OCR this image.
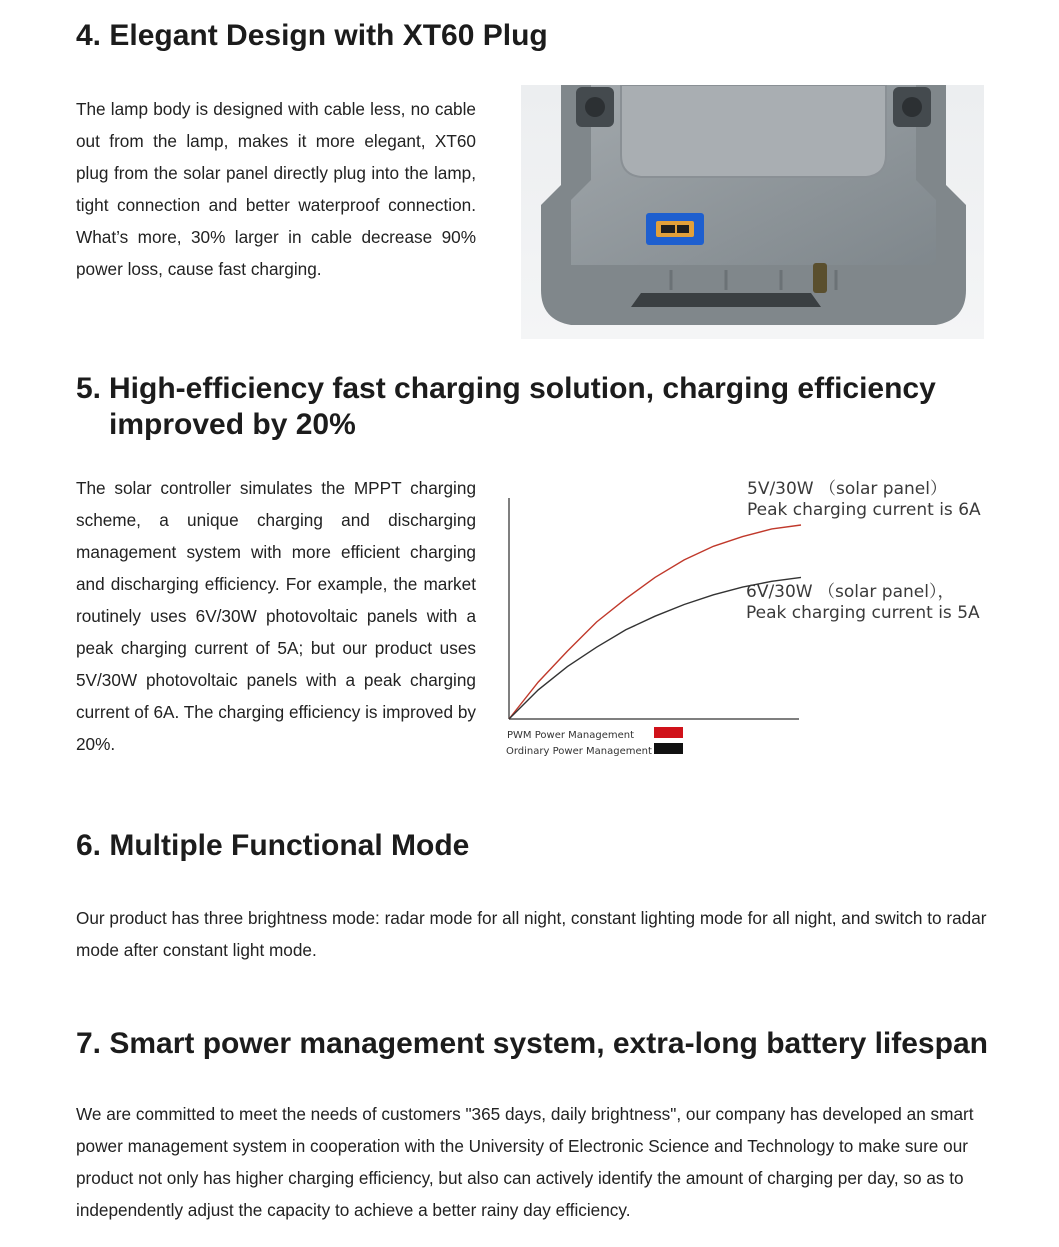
4. Elegant Design with XT60 Plug

The lamp body is designed with cable less, no cable out from the lamp, makes it more elegant, XT60 plug from the solar panel directly plug into the lamp, tight connection and better waterproof connection. What’s more, 30% larger in cable decrease 90% power loss, cause fast charging.

5. High-efficiency fast charging solution, charging efficiency
improved by 20%

The solar controller simulates the MPPT charging scheme, a unique charging and discharging management system with more efficient charging and discharging efficiency. For example, the market routinely uses 6V/30W photovoltaic panels with a peak charging current of 5A; but our product uses 5V/30W photovoltaic panels with a peak charging current of 6A. The charging efficiency is improved by 20%.

5V/30W （solar panel）
Peak charging current is 6A
6V/30W （solar panel），
Peak charging current is 5A
PWM Power Management
Ordinary Power Management
6. Multiple Functional Mode

Our product has three brightness mode: radar mode for all night, constant lighting mode for all night, and switch to radar mode after constant light mode.

7. Smart power management system, extra-long battery lifespan

We are committed to meet the needs of customers "365 days, daily brightness", our company has developed an smart power management system in cooperation with the University of Electronic Science and Technology to make sure our product not only has higher charging efficiency, but also can actively identify the amount of charging per day, so as to independently adjust the capacity to achieve a better rainy day efficiency.
